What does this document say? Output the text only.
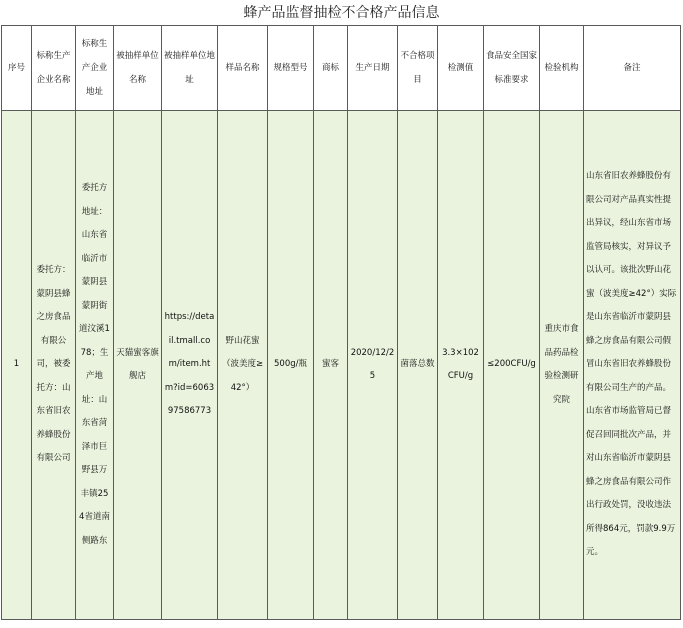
蜂产品监督抽检不合格产品信息
序号	标称生产企业名称	标称生产企业地址	被抽样单位名称	被抽样单位地址	样品名称	规格型号	商标	生产日期	不合格项目	检测值	食品安全国家标准要求	检验机构	备注
1	委托方：蒙阴县蜂之房食品有限公司，被委托方：山东省旧农养蜂股份有限公司	委托方地址：山东省临沂市蒙阴县蒙阴街道汶溪178；生产地址：山东省菏泽市巨野县万丰镇254省道南侧路东	天猫蜜客旗舰店	https://detail.tmall.com/item.htm?id=606397586773	野山花蜜（波美度≥42°）	500g/瓶	蜜客	2020/12/25	菌落总数	3.3×102CFU/g	≤200CFU/g	重庆市食品药品检验检测研究院	山东省旧农养蜂股份有限公司对产品真实性提出异议，经山东省市场监管局核实，对异议予以认可。该批次野山花蜜（波美度≥42°）实际是山东省临沂市蒙阴县蜂之房食品有限公司假冒山东省旧农养蜂股份有限公司生产的产品。山东省市场监管局已督促召回同批次产品，并对山东省临沂市蒙阴县蜂之房食品有限公司作出行政处罚，没收违法所得864元，罚款9.9万元。
